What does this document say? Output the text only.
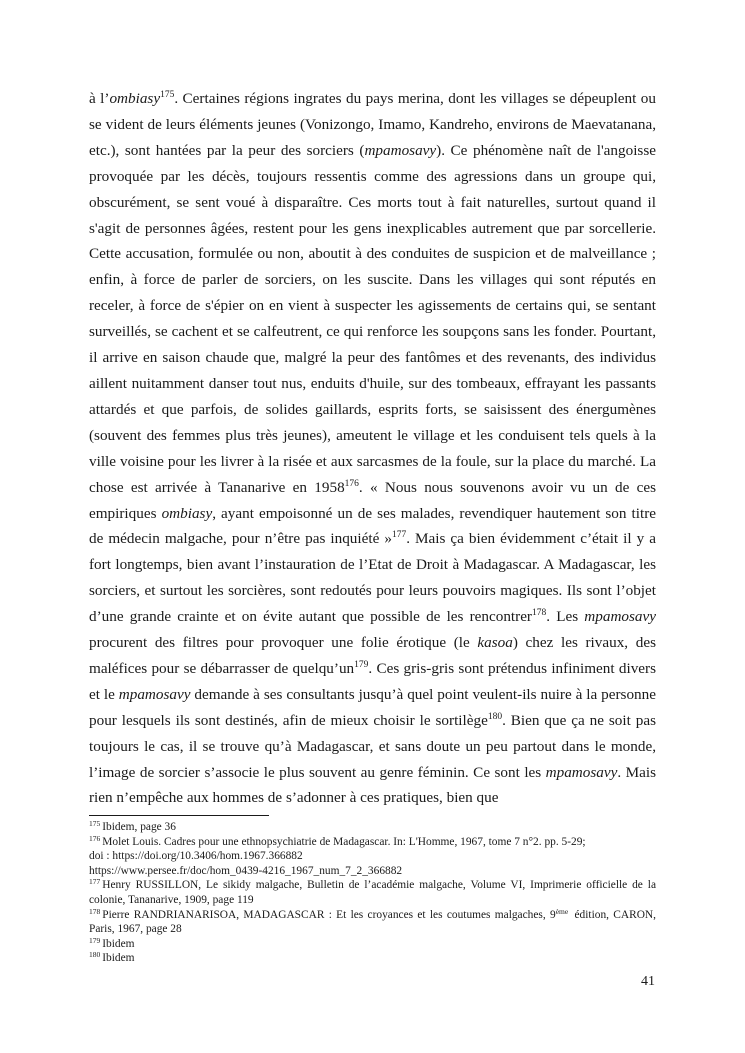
à l’ombiasy$^{175}$. Certaines régions ingrates du pays merina, dont les villages se dépeuplent ou se vident de leurs éléments jeunes (Vonizongo, Imamo, Kandreho, environs de Maevatanana, etc.), sont hantées par la peur des sorciers (mpamosavy). Ce phénomène naît de l'angoisse provoquée par les décès, toujours ressentis comme des agressions dans un groupe qui, obscurément, se sent voué à disparaître. Ces morts tout à fait naturelles, surtout quand il s'agit de personnes âgées, restent pour les gens inexplicables autrement que par sorcellerie. Cette accusation, formulée ou non, aboutit à des conduites de suspicion et de malveillance ; enfin, à force de parler de sorciers, on les suscite. Dans les villages qui sont réputés en receler, à force de s'épier on en vient à suspecter les agissements de certains qui, se sentant surveillés, se cachent et se calfeutrent, ce qui renforce les soupçons sans les fonder. Pourtant, il arrive en saison chaude que, malgré la peur des fantômes et des revenants, des individus aillent nuitamment danser tout nus, enduits d'huile, sur des tombeaux, effrayant les passants attardés et que parfois, de solides gaillards, esprits forts, se saisissent des énergumènes (souvent des femmes plus très jeunes), ameutent le village et les conduisent tels quels à la ville voisine pour les livrer à la risée et aux sarcasmes de la foule, sur la place du marché. La chose est arrivée à Tananarive en 1958$^{176}$. « Nous nous souvenons avoir vu un de ces empiriques ombiasy, ayant empoisonné un de ses malades, revendiquer hautement son titre de médecin malgache, pour n’être pas inquiété »$^{177}$. Mais ça bien évidemment c’était il y a fort longtemps, bien avant l’instauration de l’Etat de Droit à Madagascar. A Madagascar, les sorciers, et surtout les sorcières, sont redoutés pour leurs pouvoirs magiques. Ils sont l’objet d’une grande crainte et on évite autant que possible de les rencontrer$^{178}$. Les mpamosavy procurent des filtres pour provoquer une folie érotique (le kasoa) chez les rivaux, des maléfices pour se débarrasser de $quelqu’un^{179}$. Ces gris-gris sont prétendus infiniment divers et le mpamosavy demande à ses consultants jusqu’à quel point veulent-ils nuire à la personne pour lesquels ils sont destinés, afin de mieux choisir le sortilège$^{180}$. Bien que ça ne soit pas toujours le cas, il se trouve qu’à Madagascar, et sans doute un peu partout dans le monde, l’image de sorcier s’associe le plus souvent au genre féminin. Ce sont les mpamosavy. Mais rien n’empêche aux hommes de s’adonner à ces pratiques, bien que

$^{175}$ Ibidem, page 36
$^{176}$ Molet Louis. Cadres pour une ethnopsychiatrie de Madagascar. In: L'Homme, 1967, tome 7 n°2. pp. 5-29;
doi : https://doi.org/10.3406/hom.1967.366882
https://www.persee.fr/doc/hom_0439-4216_1967_num_7_2_366882
$^{177}$ Henry RUSSILLON, Le sikidy malgache, Bulletin de l’académie malgache, Volume VI, Imprimerie officielle de la colonie, Tananarive, 1909, page 119
$^{178}$ Pierre RANDRIANARISOA, MADAGASCAR : Et les croyances et les coutumes malgaches, 9ème édition, CARON, Paris, 1967, page 28
$^{179}$ Ibidem
$^{180}$ Ibidem
41
